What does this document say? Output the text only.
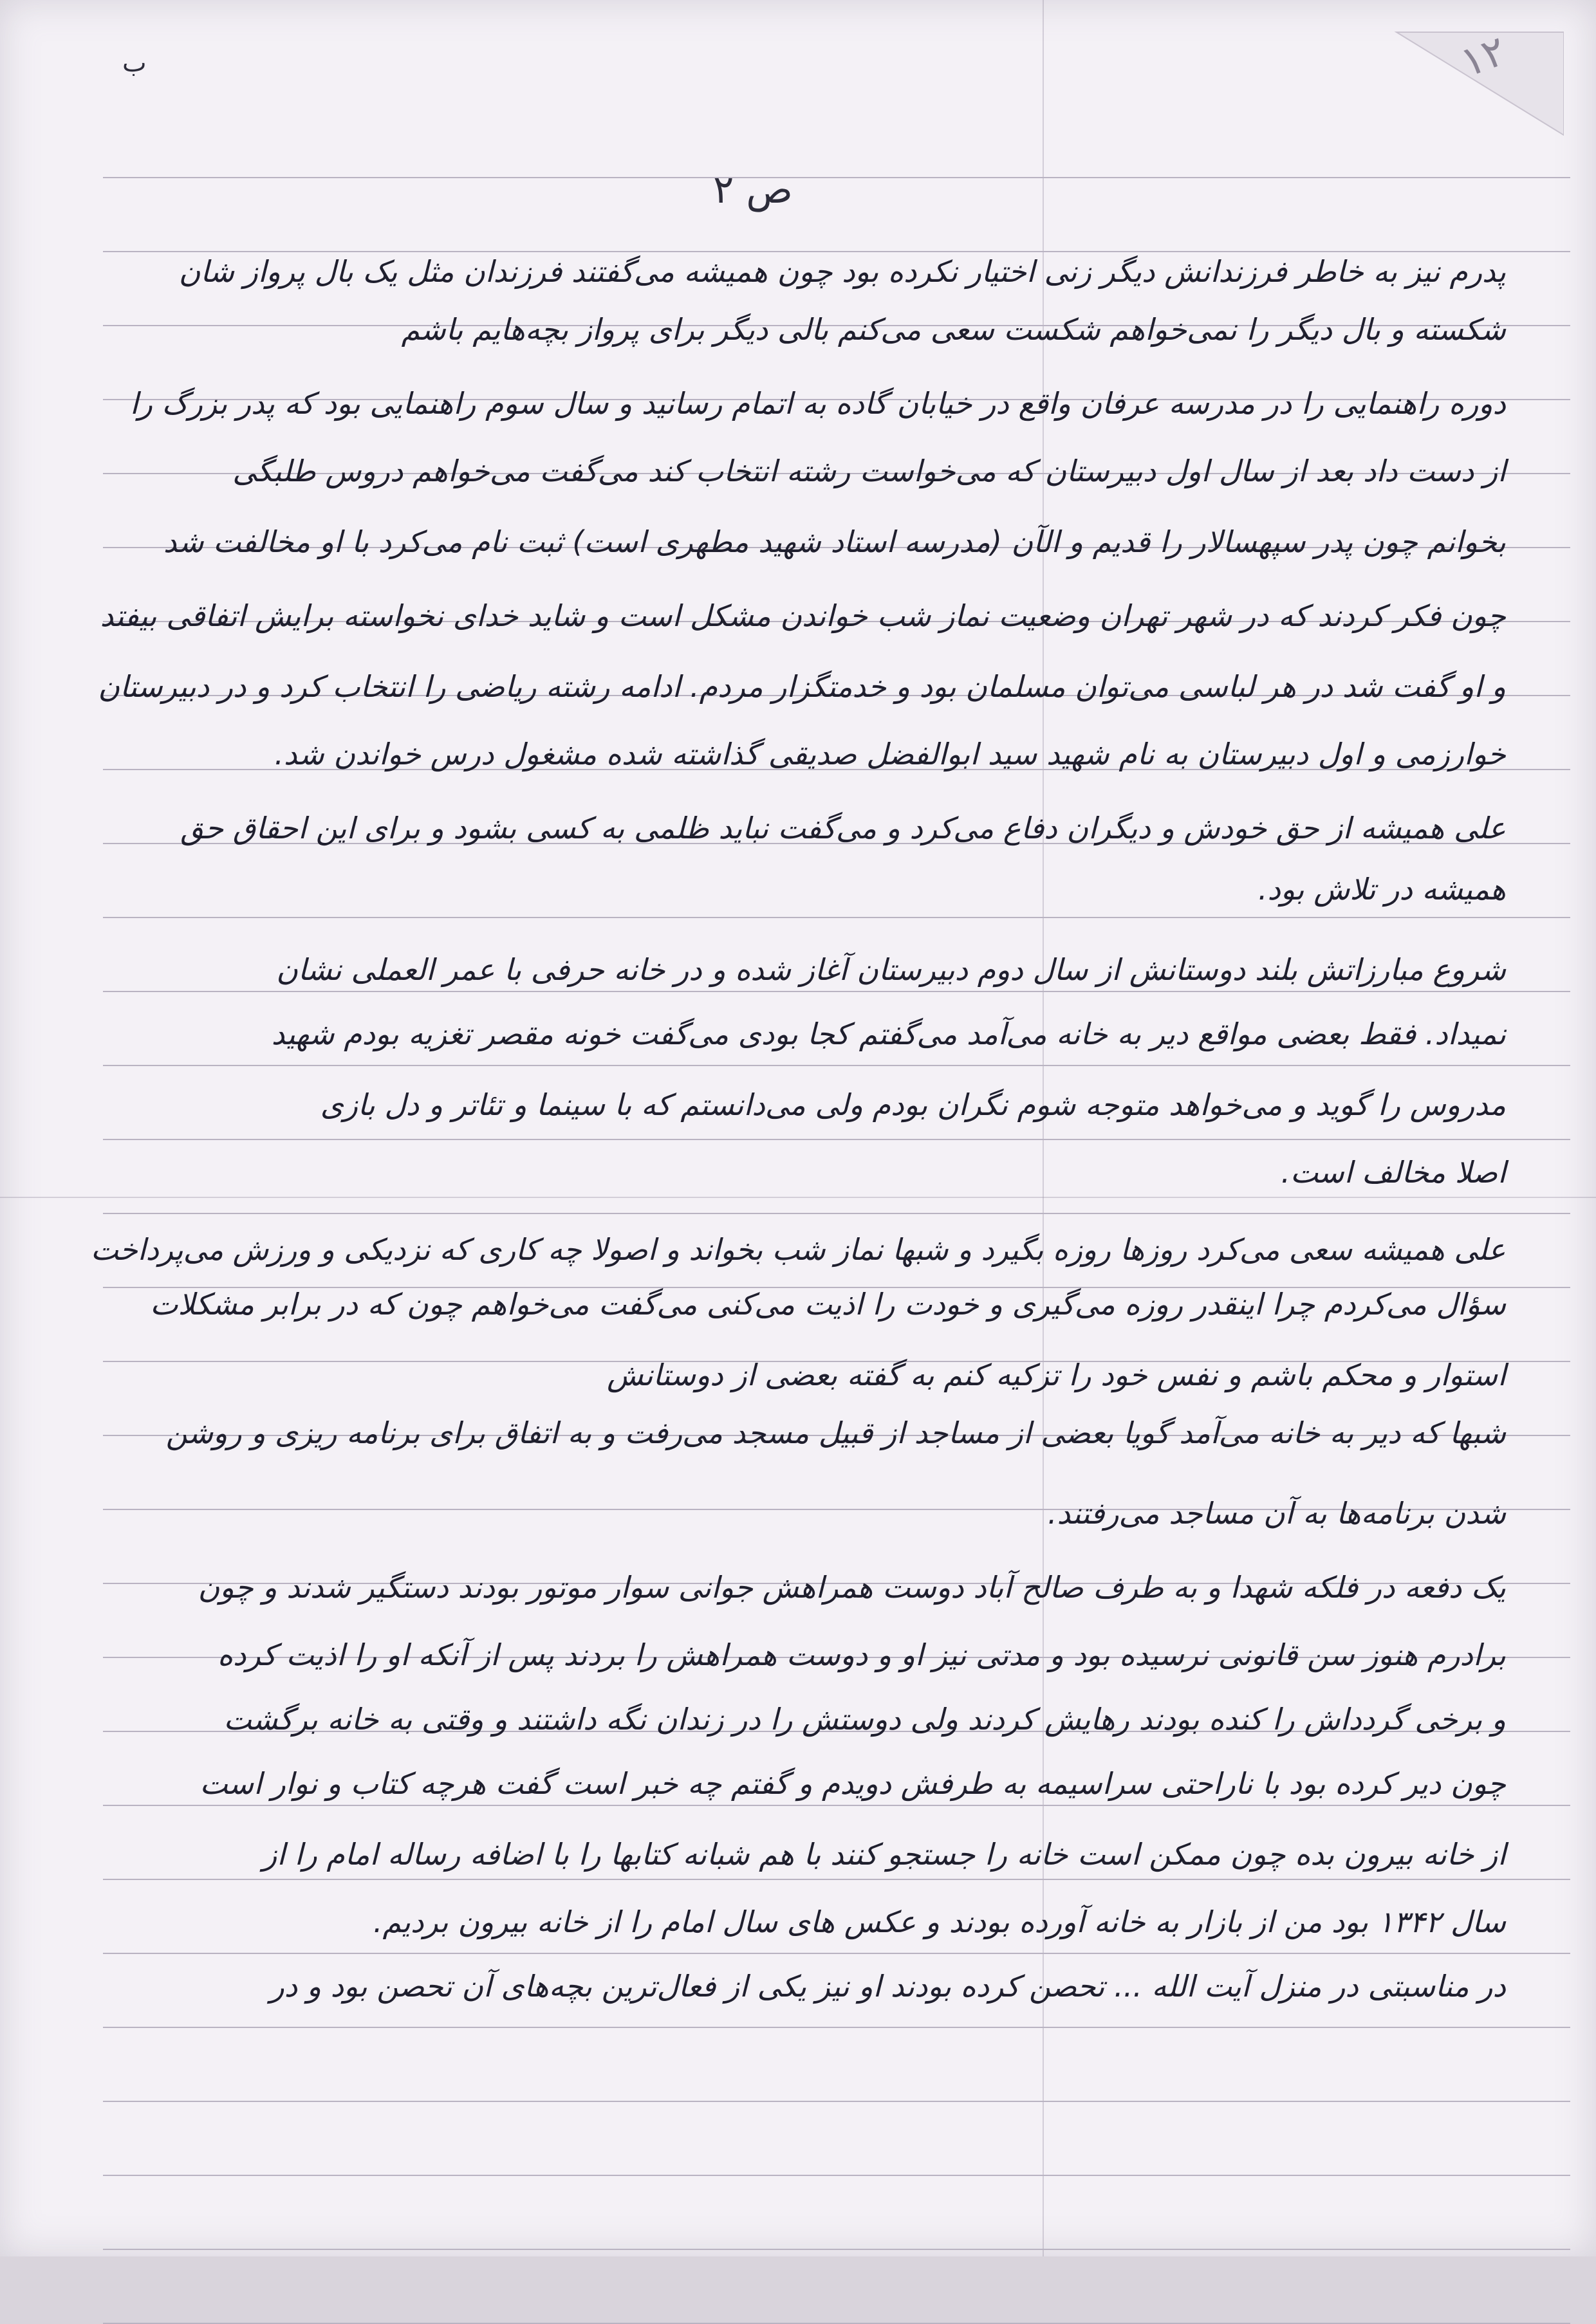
ب
ص ۲
۱۲
پدرم نیز به خاطر فرزندانش دیگر زنی اختیار نکرده بود چون همیشه می‌گفتند فرزندان مثل یک بال پرواز شان
شکسته و بال دیگر را نمی‌خواهم شکست سعی می‌کنم بالی دیگر برای پرواز بچه‌هایم باشم
دوره راهنمایی را در مدرسه عرفان واقع در خیابان گاده به اتمام رسانید و سال سوم راهنمایی بود که پدر بزرگ را
از دست داد بعد از سال اول دبیرستان که می‌خواست رشته انتخاب کند می‌گفت می‌خواهم دروس طلبگی
بخوانم چون پدر سپهسالار را قدیم و الآن (مدرسه استاد شهید مطهری است) ثبت نام می‌کرد با او مخالفت شد
چون فکر کردند که در شهر تهران وضعیت نماز شب خواندن مشکل است و شاید خدای نخواسته برایش اتفاقی بیفتد
و او گفت شد در هر لباسی می‌توان مسلمان بود و خدمتگزار مردم. ادامه رشته ریاضی را انتخاب کرد و در دبیرستان
خوارزمی و اول دبیرستان به نام شهید سید ابوالفضل صدیقی گذاشته شده مشغول درس خواندن شد.
علی همیشه از حق خودش و دیگران دفاع می‌کرد و می‌گفت نباید ظلمی به کسی بشود و برای این احقاق حق
همیشه در تلاش بود.
شروع مبارزاتش بلند دوستانش از سال دوم دبیرستان آغاز شده و در خانه حرفی با عمر العملی نشان
نمیداد. فقط بعضی مواقع دیر به خانه می‌آمد می‌گفتم کجا بودی می‌گفت خونه مقصر تغزیه بودم شهید
مدروس را گوید و می‌خواهد متوجه شوم نگران بودم ولی می‌دانستم که با سینما و تئاتر و دل بازی
اصلا مخالف است.
علی همیشه سعی می‌کرد روزها روزه بگیرد و شبها نماز شب بخواند و اصولا چه کاری که نزدیکی و ورزش می‌پرداخت
سؤال می‌کردم چرا اینقدر روزه می‌گیری و خودت را اذیت می‌کنی می‌گفت می‌خواهم چون که در برابر مشکلات
استوار و محکم باشم و نفس خود را تزکیه کنم به گفته بعضی از دوستانش
شبها که دیر به خانه می‌آمد گویا بعضی از مساجد از قبیل مسجد می‌رفت و به اتفاق برای برنامه ریزی و روشن
شدن برنامه‌ها به آن مساجد می‌رفتند.
یک دفعه در فلکه شهدا و به طرف صالح آباد دوست همراهش جوانی سوار موتور بودند دستگیر شدند و چون
برادرم هنوز سن قانونی نرسیده بود و مدتی نیز او و دوست همراهش را بردند پس از آنکه او را اذیت کرده
و برخی گردداش را کنده بودند رهایش کردند ولی دوستش را در زندان نگه داشتند و وقتی به خانه برگشت
چون دیر کرده بود با ناراحتی سراسیمه به طرفش دویدم و گفتم چه خبر است گفت هرچه کتاب و نوار است
از خانه بیرون بده چون ممکن است خانه را جستجو کنند با هم شبانه کتابها را با اضافه رساله امام را از
سال ۱۳۴۲ بود من از بازار به خانه آورده بودند و عکس های سال امام را از خانه بیرون بردیم.
در مناسبتی در منزل آیت الله ... تحصن کرده بودند او نیز یکی از فعال‌ترین بچه‌های آن تحصن بود و در
